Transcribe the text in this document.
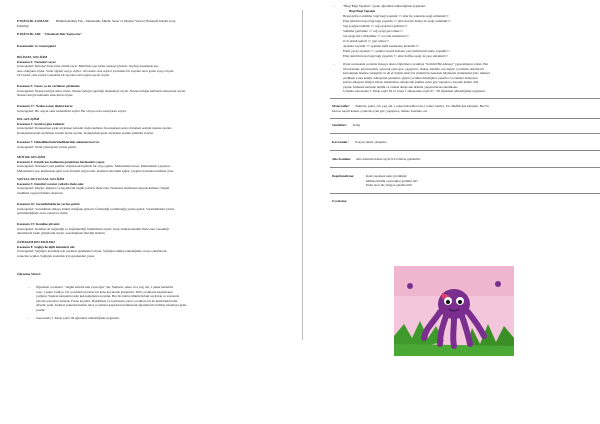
ETKİNLİK ZAMANI: Bütünleştirilmiş Fen - Matematik, Müzik, Sanat ve Oluşma Yaratıcı Hareketli Küçük Grup
Etkinliği
ETKİNLİK ADI: "Çikolatalı Bolt Yapıyoruz"
Kazanımlar ve Göstergeleri
BİLİŞSEL GELİŞİM
Kazanım 4: Nesneleri sayar.
Göstergeleri: İleri/geri birer birer ritmik sayar. Belirtilen sayı kadar nesneyi gösterir. Saydığı nesnelerin kaç
tane olduğunu söyler. Sıralı öğeleri sayıyı söyler. 10'a kadar olan sayılar içerisinde bir sayıdan önce gelen sayıyı söyler.
10'a kadar olan sayılar içerisinde bir sayıdan sonra gelen sayıyı söyler.
Kazanım 5: Nesne ya da varlıkları gözlemler.
Göstergeleri: Nesne/varlığın adını söyler. Nesne/varlığın yapıldığı malzemeyi söyler. Nesne/varlığın kullanım amaçlarını söyler.
Nesne/varlığın kullanım amaçlarını söyler.
Kazanım 17: Neden-sonuç ilişkisi kurar.
Göstergeleri: Bir olayın olası nedenlerini söyler. Bir olayın olası sonuçlarını söyler.
DİL GELİŞİMİ
Kazanım 3: Sesini uygun kullanır.
Göstergeleri: Konuşurken şarkı söylerken nefesini doğru kullanır. Konuşurken şarkı söylerken sesinin tonunu ayarlar.
Konuşurken/şarkı söylerken sesinin hızını ayarlar. Konuşurken/şarkı söylerken sesinin şiddetini ayarlar.
Kazanım 7: Dinlediklerinin/izlediklerinin anlamını kavrar.
Göstergeleri: Sözel yönergeleri yerine getirir.
MOTOR GELİŞİM
Kazanım 4: Küçük kas kullanımı gerektiren hareketleri yapar.
Göstergeleri: Nesneleri yeni şekiller oluşturacak biçimde bir araya getirir. Malzemeleri keser. Malzemeleri yapıştırır.
Malzemeleri araç kullanarak şekil verir. Kalemi doğru tutar. Kalem kontrolünü sağlar. Çizgileri istenilen nitelikte çizer.
SOSYAL DUYGUSAL GELİŞİM
Kazanım 3: Kendini yaratıcı yollarla ifade eder.
Göstergeleri: Duygu, düşünce ve hayallerini özgün yollarla ifade eder. Nesneleri alışılmışın dışında kullanır. Özgün
özellikler taşıyan ürünler oluşturur.
Kazanım 10: Sorumluluklarını yerine getirir.
Göstergeleri: Sorumluluk almaya istekli olduğunu gösterir. Üstlendiği sorumluluğu yerine getirir. Sorumluluklar yerine
getirilmediğinde olası sonuçları söyler.
Kazanım 15: Kendine güvenir.
Göstergeleri: Kendine ait beğendiği ve beğenmediği özelliklerini söyler. Grup önünde kendini ifade eder. Gerektiği
durumlarda farklı görüşlerini söyler. Gerektiğinde liderliği üstlenir.
ÖZBAKIM BECERİLERİ
Kazanım 8: Sağlığı ile ilgili önlemleri alır.
Göstergeleri: Sağlığını korumak için yapması gerekenleri söyler. Sağlığına dikkat etmediğinde ortaya çıkabilecek
sonuçları açıklar. Sağlığını korumak için gerekenleri yapar.
Öğrenme Süreci:
– Öğretmen çocuklara " bugün sizlerle kek yapacağız" der. Yumurta, şeker, sıvı yağ, süt, 1 paket kabartma
tozu, 1 paket vanilya, Un çocuklarla beraber bir kaba koyularak karıştırılır. Tüm çocukların kaşıklarının
yağlanır. Yapılan karışımın tadın kek kalıplarına koyulur. Her bir kalıba ürünün fırlaki sayılarak ve sayısında
çikolata parçaları atılarak. Fırına koyulur. Pişirilirken ve saymasına sonra çocuklara bir ile üzerindeki bulut
afiyetle yenir. Kekleri yemeden hemen önce çocuklara kaşarlarını kullanarak öğretmen ile birlikte yıkamaya gider.
yenilir.
– Sonrasında 7. Kitap sayfa 38 öğretmen rehberliğinde uygulanır.
–	"Bugi Bugi Yapalım" oyunu öğretmen rehberliğinde uygulanır.
Bugi Bugi Yapalım
Hepsi geliyor şimdiler bugi bugi yapalım <> eller ile yanlarda aşağı sallamım<>
Eller şimdi havaya bugi bugi yapalım <> eller havada hafiçe de aşağı sallamım<>
Sağ ayağını indirdik <> sağ ayak ileri getiririz<>
Simdiler getirdiniz <> sağ ayağı geri alınız<>
Sol ayağı ileri yürüyünüz <> sol elle uzatılımız<>
O da şimdi getirdi <> geri alınız<>
Ayakları sayalım <> ayakları hafif kanatlanıp hızlandır<>
Elleri yavaş sayalım <> ayaklar sayıldı hızlanır yere birikli hızlı kalıp yapalım<>
Eller şimdi havaya bugi bugi yapalım <> eller hafifçe aşağı da yere sallamım<>
–	Oyun sonrasında çocuklar masaya alınır. Öğretmen çocuklara "Sevimli Bir Ahtapot" yapacaklarını söyler. Her
bir kartonun, keçeli kalem, oyuncak oyun göz, yapıştırıcı, makas, kurdele, ete dağıtır. Çocukları ellerini bir
kartonunun üzerine yerleştirir ve eli el ölçüsü elleri bir çizimini üç kenarını büyüterek çizmelerini ister. Ahtapot
çizdikten sonra kesilir. Ahtapotun gözlerini, ağzını çocuklar dilediğince yaparlar. Çocuklara ahtapotun
kolları ahtapotu ahtapot kafası tamamlanır. Ahtapotun şekline eyize göz yapıştırıcı, kayalık kalem. Kâr
yapılır. Kâhanın kartınde iletimi ve ortakla ahtapotun ürünler yapıştırılarak tamamlanır.
Çalışma sonrasında 7. Kitap sayfa 39 ve Çizgi 1 ahtapotunu sayfa 97 - 98 öğretmen rehberliğinde uygulanır.
Materyaller: Yumurta, şeker, sıvı yağ, süt, 1 paket kabartma tozu,1 paket vanilya, Un, Muffik kek kalıpları, Her bir
karton, keçeli kalem, oyuncak oyun göz, yapıştırıcı, makas, Kurdele, ete
Sözcükler: Kalıp
Kavramlar: 8 sayısı tekrar çalışması
Aile Katılımı: Aile Katılımı Kitabı sayfa 8-9 evlilere gönderilir.
Değerlendirme:	Keki yaparken neler gördünüz?
Müzik ritmimi oyuncaklar görünür mi?
Daha önce hiç ahtapot gördün mü?
Uyarlama:
